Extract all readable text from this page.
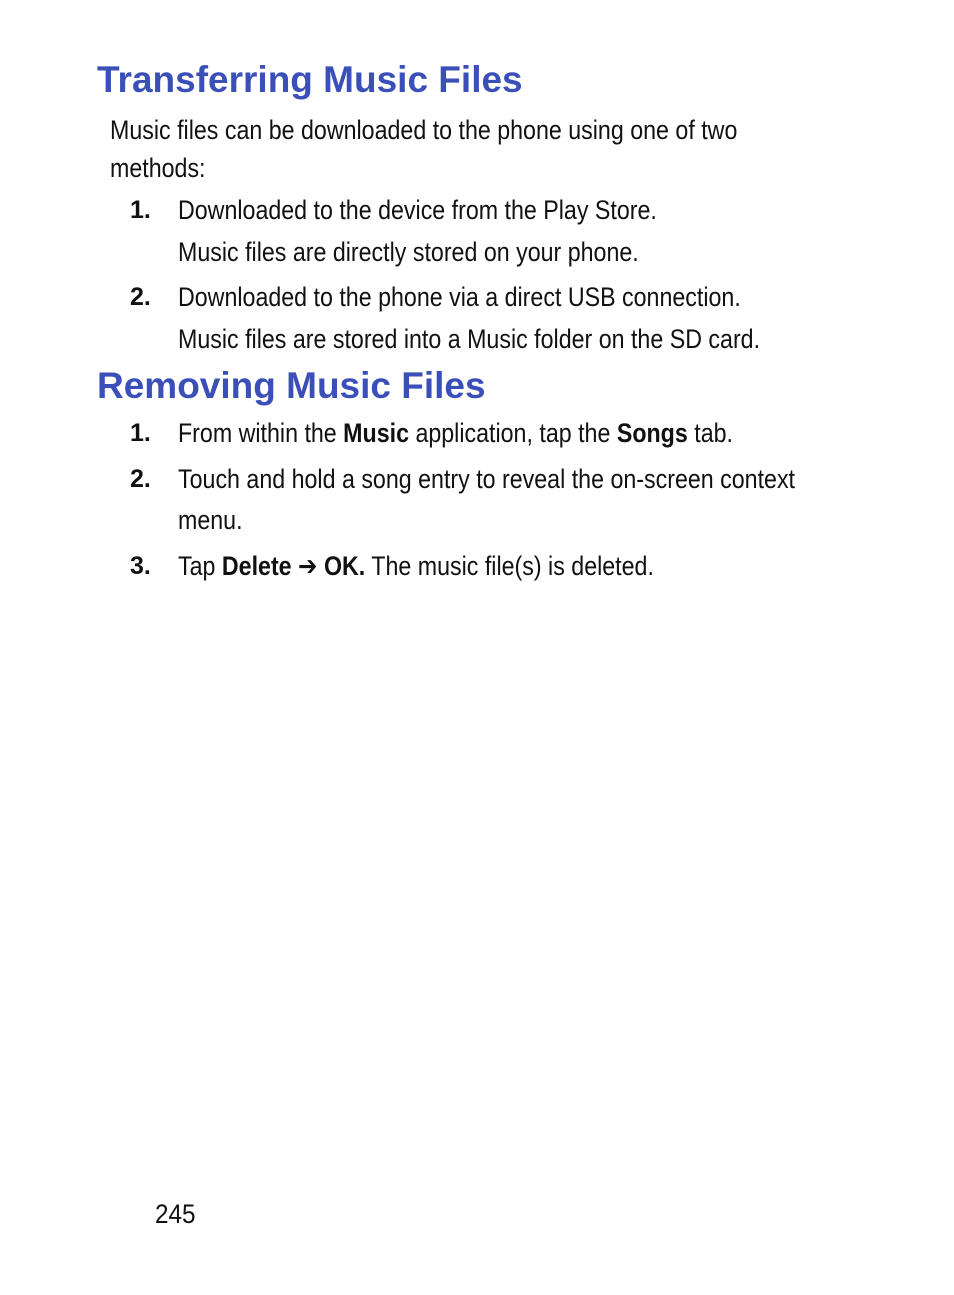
Transferring Music Files
Music files can be downloaded to the phone using one of two
methods:
1. Downloaded to the device from the Play Store.
Music files are directly stored on your phone.
2. Downloaded to the phone via a direct USB connection.
Music files are stored into a Music folder on the SD card.
Removing Music Files
1. From within the Music application, tap the Songs tab.
2. Touch and hold a song entry to reveal the on-screen context
menu.
3. Tap Delete ➔ OK. The music file(s) is deleted.
245
